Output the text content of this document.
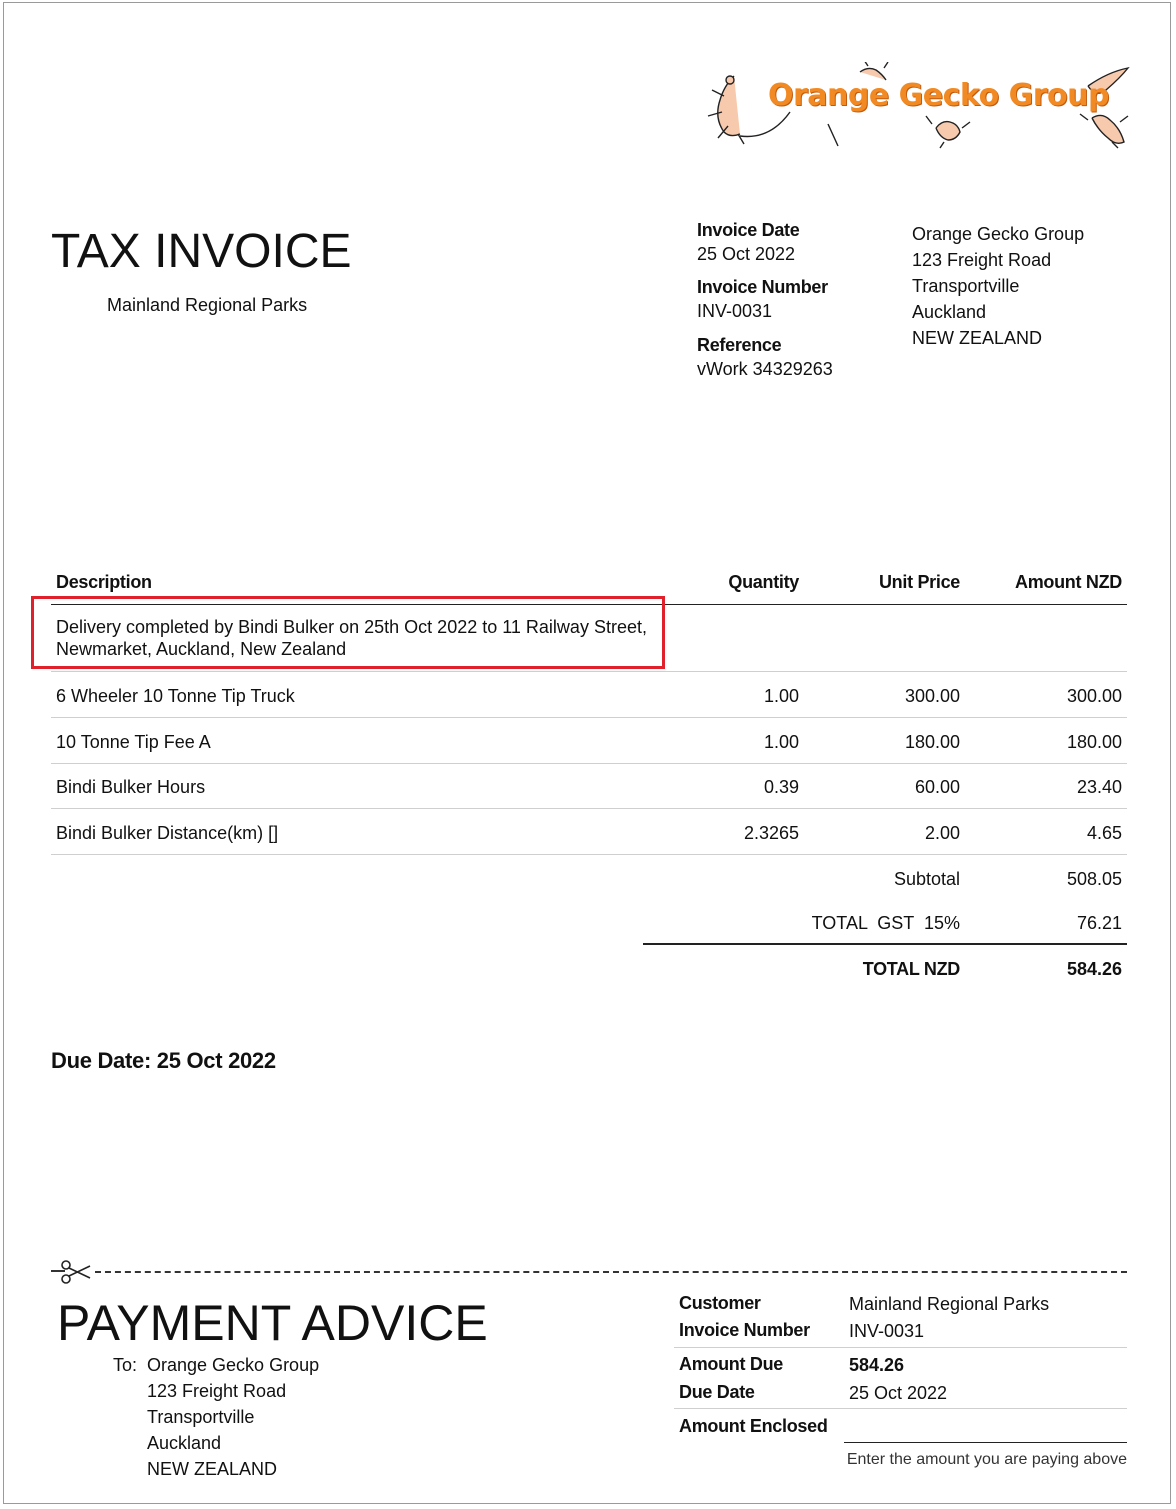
Orange Gecko Group
TAX INVOICE
Mainland Regional Parks
Invoice Date
25 Oct 2022
Invoice Number
INV-0031
Reference
vWork 34329263
Orange Gecko Group
123 Freight Road
Transportville
Auckland
NEW ZEALAND
Description	Quantity	Unit Price	Amount NZD
Delivery completed by Bindi Bulker on 25th Oct 2022 to 11 Railway Street,
Newmarket, Auckland, New Zealand
6 Wheeler 10 Tonne Tip Truck	1.00	300.00	300.00
10 Tonne Tip Fee A	1.00	180.00	180.00
Bindi Bulker Hours	0.39	60.00	23.40
Bindi Bulker Distance(km) []	2.3265	2.00	4.65
Subtotal	508.05
TOTAL  GST  15%	76.21
TOTAL NZD	584.26
Due Date: 25 Oct 2022
PAYMENT ADVICE
To: Orange Gecko Group
123 Freight Road
Transportville
Auckland
NEW ZEALAND
Customer	Mainland Regional Parks
Invoice Number INV-0031
Amount Due	584.26
Due Date	25 Oct 2022
Amount Enclosed
Enter the amount you are paying above
